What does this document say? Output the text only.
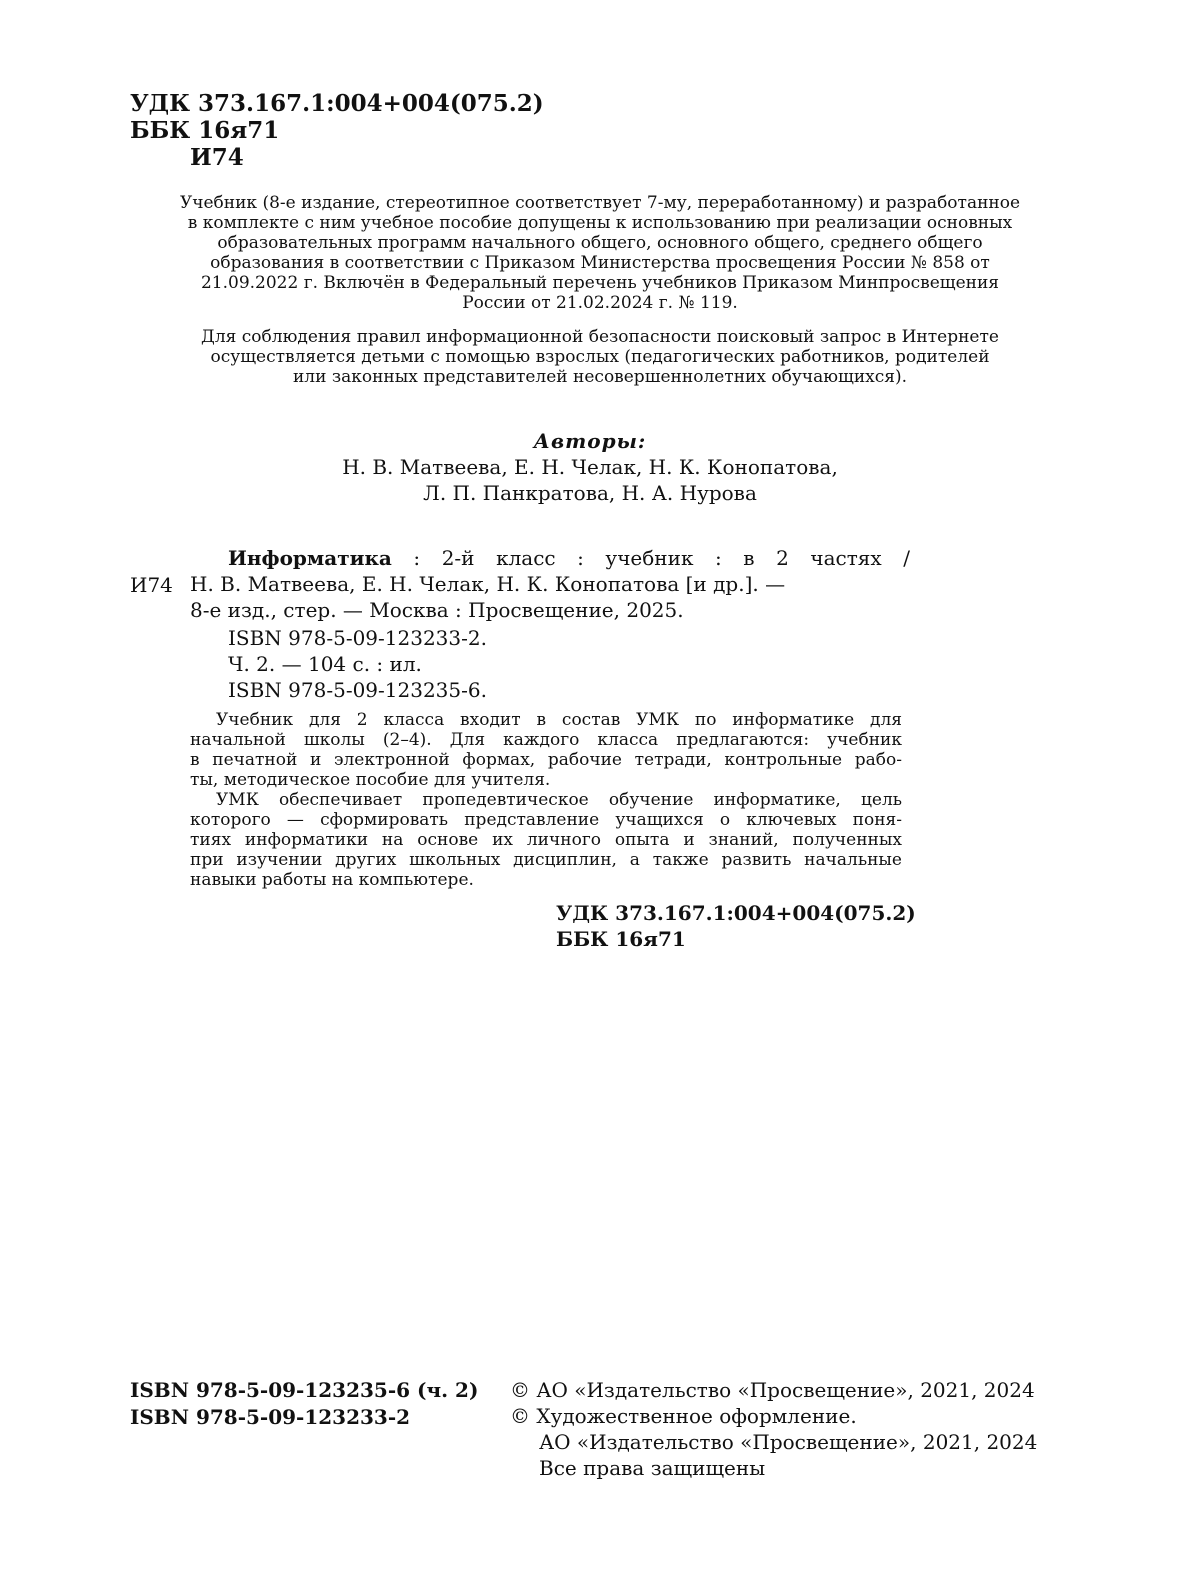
УДК 373.167.1:004+004(075.2)
ББК 16я71
И74
Учебник (8-е издание, стереотипное соответствует 7-му, переработанному) и разработанное
в комплекте с ним учебное пособие допущены к использованию при реализации основных
образовательных программ начального общего, основного общего, среднего общего
образования в соответствии с Приказом Министерства просвещения России № 858 от
21.09.2022 г. Включён в Федеральный перечень учебников Приказом Минпросвещения
России от 21.02.2024 г. № 119.
Для соблюдения правил информационной безопасности поисковый запрос в Интернете
осуществляется детьми с помощью взрослых (педагогических работников, родителей
или законных представителей несовершеннолетних обучающихся).
Авторы:
Н. В. Матвеева, Е. Н. Челак, Н. К. Конопатова,
Л. П. Панкратова, Н. А. Нурова
И74
Информатика : 2-й класс : учебник : в 2 частях /
Н. В. Матвеева, Е. Н. Челак, Н. К. Конопатова [и др.]. —
8-е изд., стер. — Москва : Просвещение, 2025.
ISBN 978-5-09-123233-2.
Ч. 2. — 104 с. : ил.
ISBN 978-5-09-123235-6.
Учебник для 2 класса входит в состав УМК по информатике для
начальной школы (2–4). Для каждого класса предлагаются: учебник
в печатной и электронной формах, рабочие тетради, контрольные рабо-
ты, методическое пособие для учителя.
УМК обеспечивает пропедевтическое обучение информатике, цель
которого — сформировать представление учащихся о ключевых поня-
тиях информатики на основе их личного опыта и знаний, полученных
при изучении других школьных дисциплин, а также развить начальные
навыки работы на компьютере.
УДК 373.167.1:004+004(075.2)
ББК 16я71
ISBN 978-5-09-123235-6 (ч. 2)
ISBN 978-5-09-123233-2
© АО «Издательство «Просвещение», 2021, 2024
© Художественное оформление.
АО «Издательство «Просвещение», 2021, 2024
Все права защищены
